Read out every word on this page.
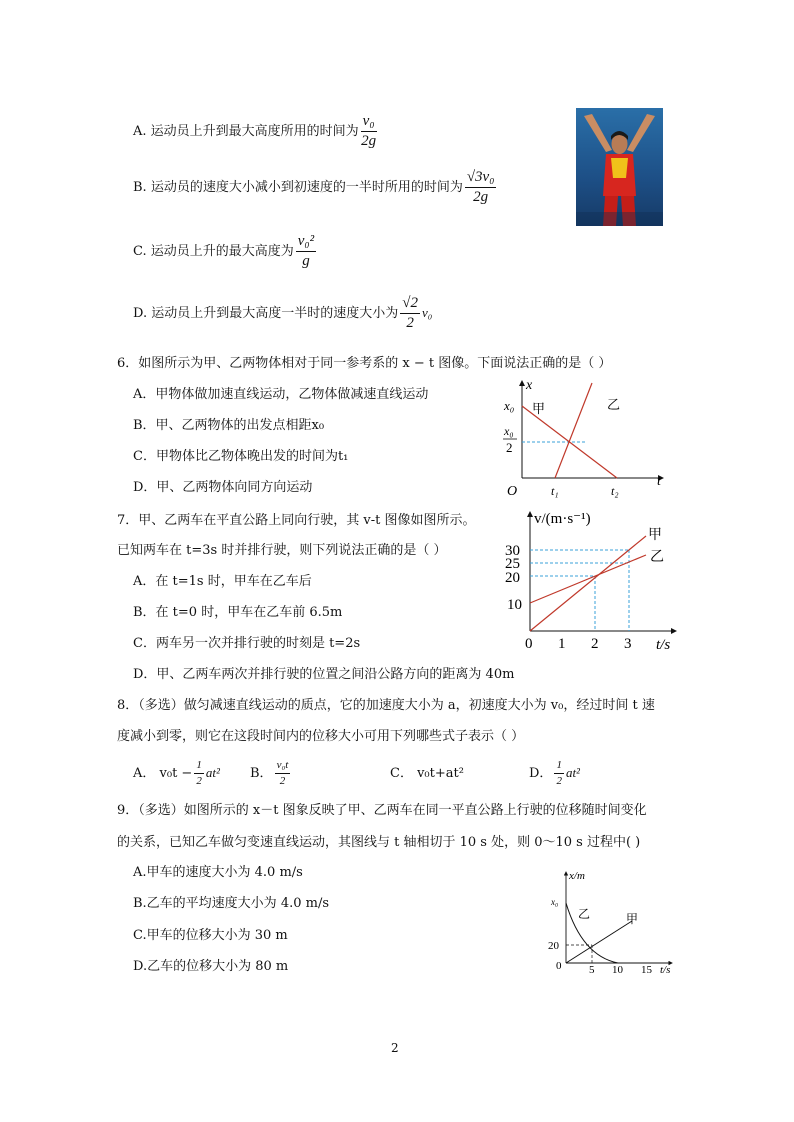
A. 运动员上升到最大高度所用的时间为 $\frac{\text{v₀}}{2g}$
B. 运动员的速度大小减小到初速度的一半时所用的时间为 $\frac{\text{√3v₀}}{2g}$
C. 运动员上升的最大高度为 $\frac{\text{v₀²}}{g}$
D. 运动员上升到最大高度一半时的速度大小为 $\frac{√2}{2} v_0$
6．如图所示为甲、乙两物体相对于同一参考系的 x − t 图像。下面说法正确的是（ ）
A．甲物体做加速直线运动，乙物体做减速直线运动
B．甲、乙两物体的出发点相距x₀
C．甲物体比乙物体晚出发的时间为t₁
D．甲、乙两物体向同方向运动
x
t
O
x₀
x₀
2
t₁	t₂
甲	乙
7．甲、乙两车在平直公路上同向行驶，其 v-t 图像如图所示。
已知两车在 t=3s 时并排行驶，则下列说法正确的是（ ）
A．在 t=1s 时，甲车在乙车后
B．在 t=0 时，甲车在乙车前 6.5m
C．两车另一次并排行驶的时刻是 t=2s
D．甲、乙两车两次并排行驶的位置之间沿公路方向的距离为 40m
v/(m·s⁻¹)
t/s
30
25
20
10
0 1 2 3
甲
乙
8．（多选）做匀减速直线运动的质点，它的加速度大小为 a，初速度大小为 v₀，经过时间 t 速
度减小到零，则它在这段时间内的位移大小可用下列哪些式子表示（ ）
A． $v_0t - \frac{1}{2} at^2$ B． $\frac{\text{v₀t}}{2}$	C． v₀t+at²	D． $\frac{1}{2} at^2$
9．（多选）如图所示的 x－t 图象反映了甲、乙两车在同一平直公路上行驶的位移随时间变化
的关系，已知乙车做匀变速直线运动，其图线与 t 轴相切于 10 s 处，则 0～10 s 过程中( )
A.甲车的速度大小为 4.0 m/s
B.乙车的平均速度大小为 4.0 m/s
C.甲车的位移大小为 30 m
D.乙车的位移大小为 80 m
x/m
t/s
x₀
20
0	5 10 15
乙	甲
2
